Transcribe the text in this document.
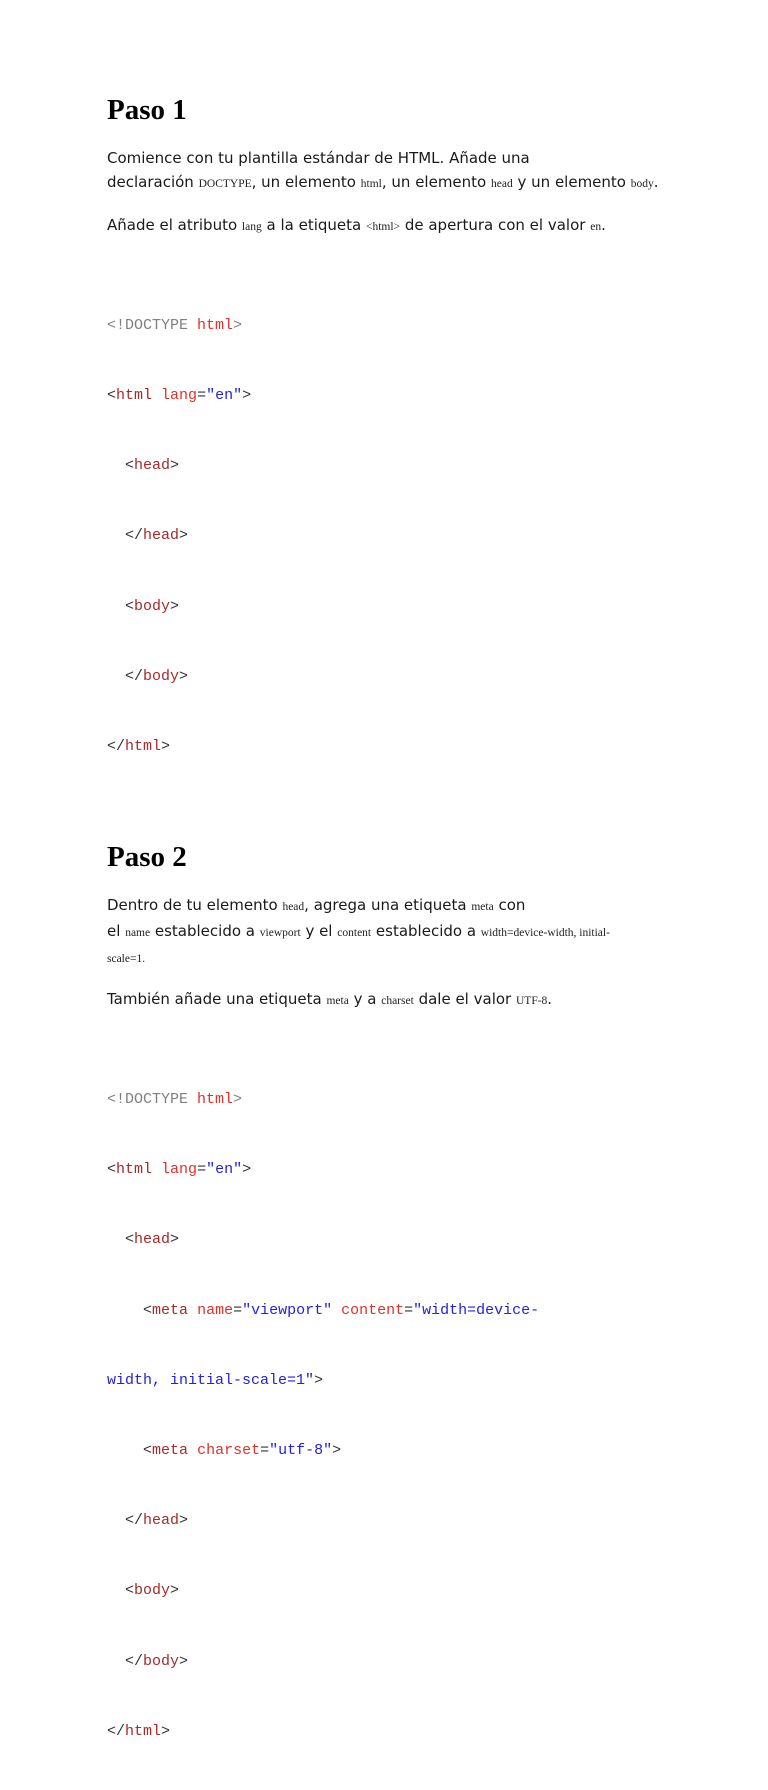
Paso 1

Comience con tu plantilla estándar de HTML. Añade una
declaración DOCTYPE, un elemento html, un elemento head y un elemento body.

Añade el atributo lang a la etiqueta <html> de apertura con el valor en.

<!DOCTYPE html>

<html lang="en">

<head>

</head>

<body>

</body>

</html>

Paso 2

Dentro de tu elemento head, agrega una etiqueta meta con
el name establecido a viewport y el content establecido a width=device-width, initial-
scale=1.

También añade una etiqueta meta y a charset dale el valor UTF-8.

<!DOCTYPE html>

<html lang="en">

<head>

<meta name="viewport" content="width=device-

width, initial-scale=1">

<meta charset="utf-8">

</head>

<body>

</body>

</html>
